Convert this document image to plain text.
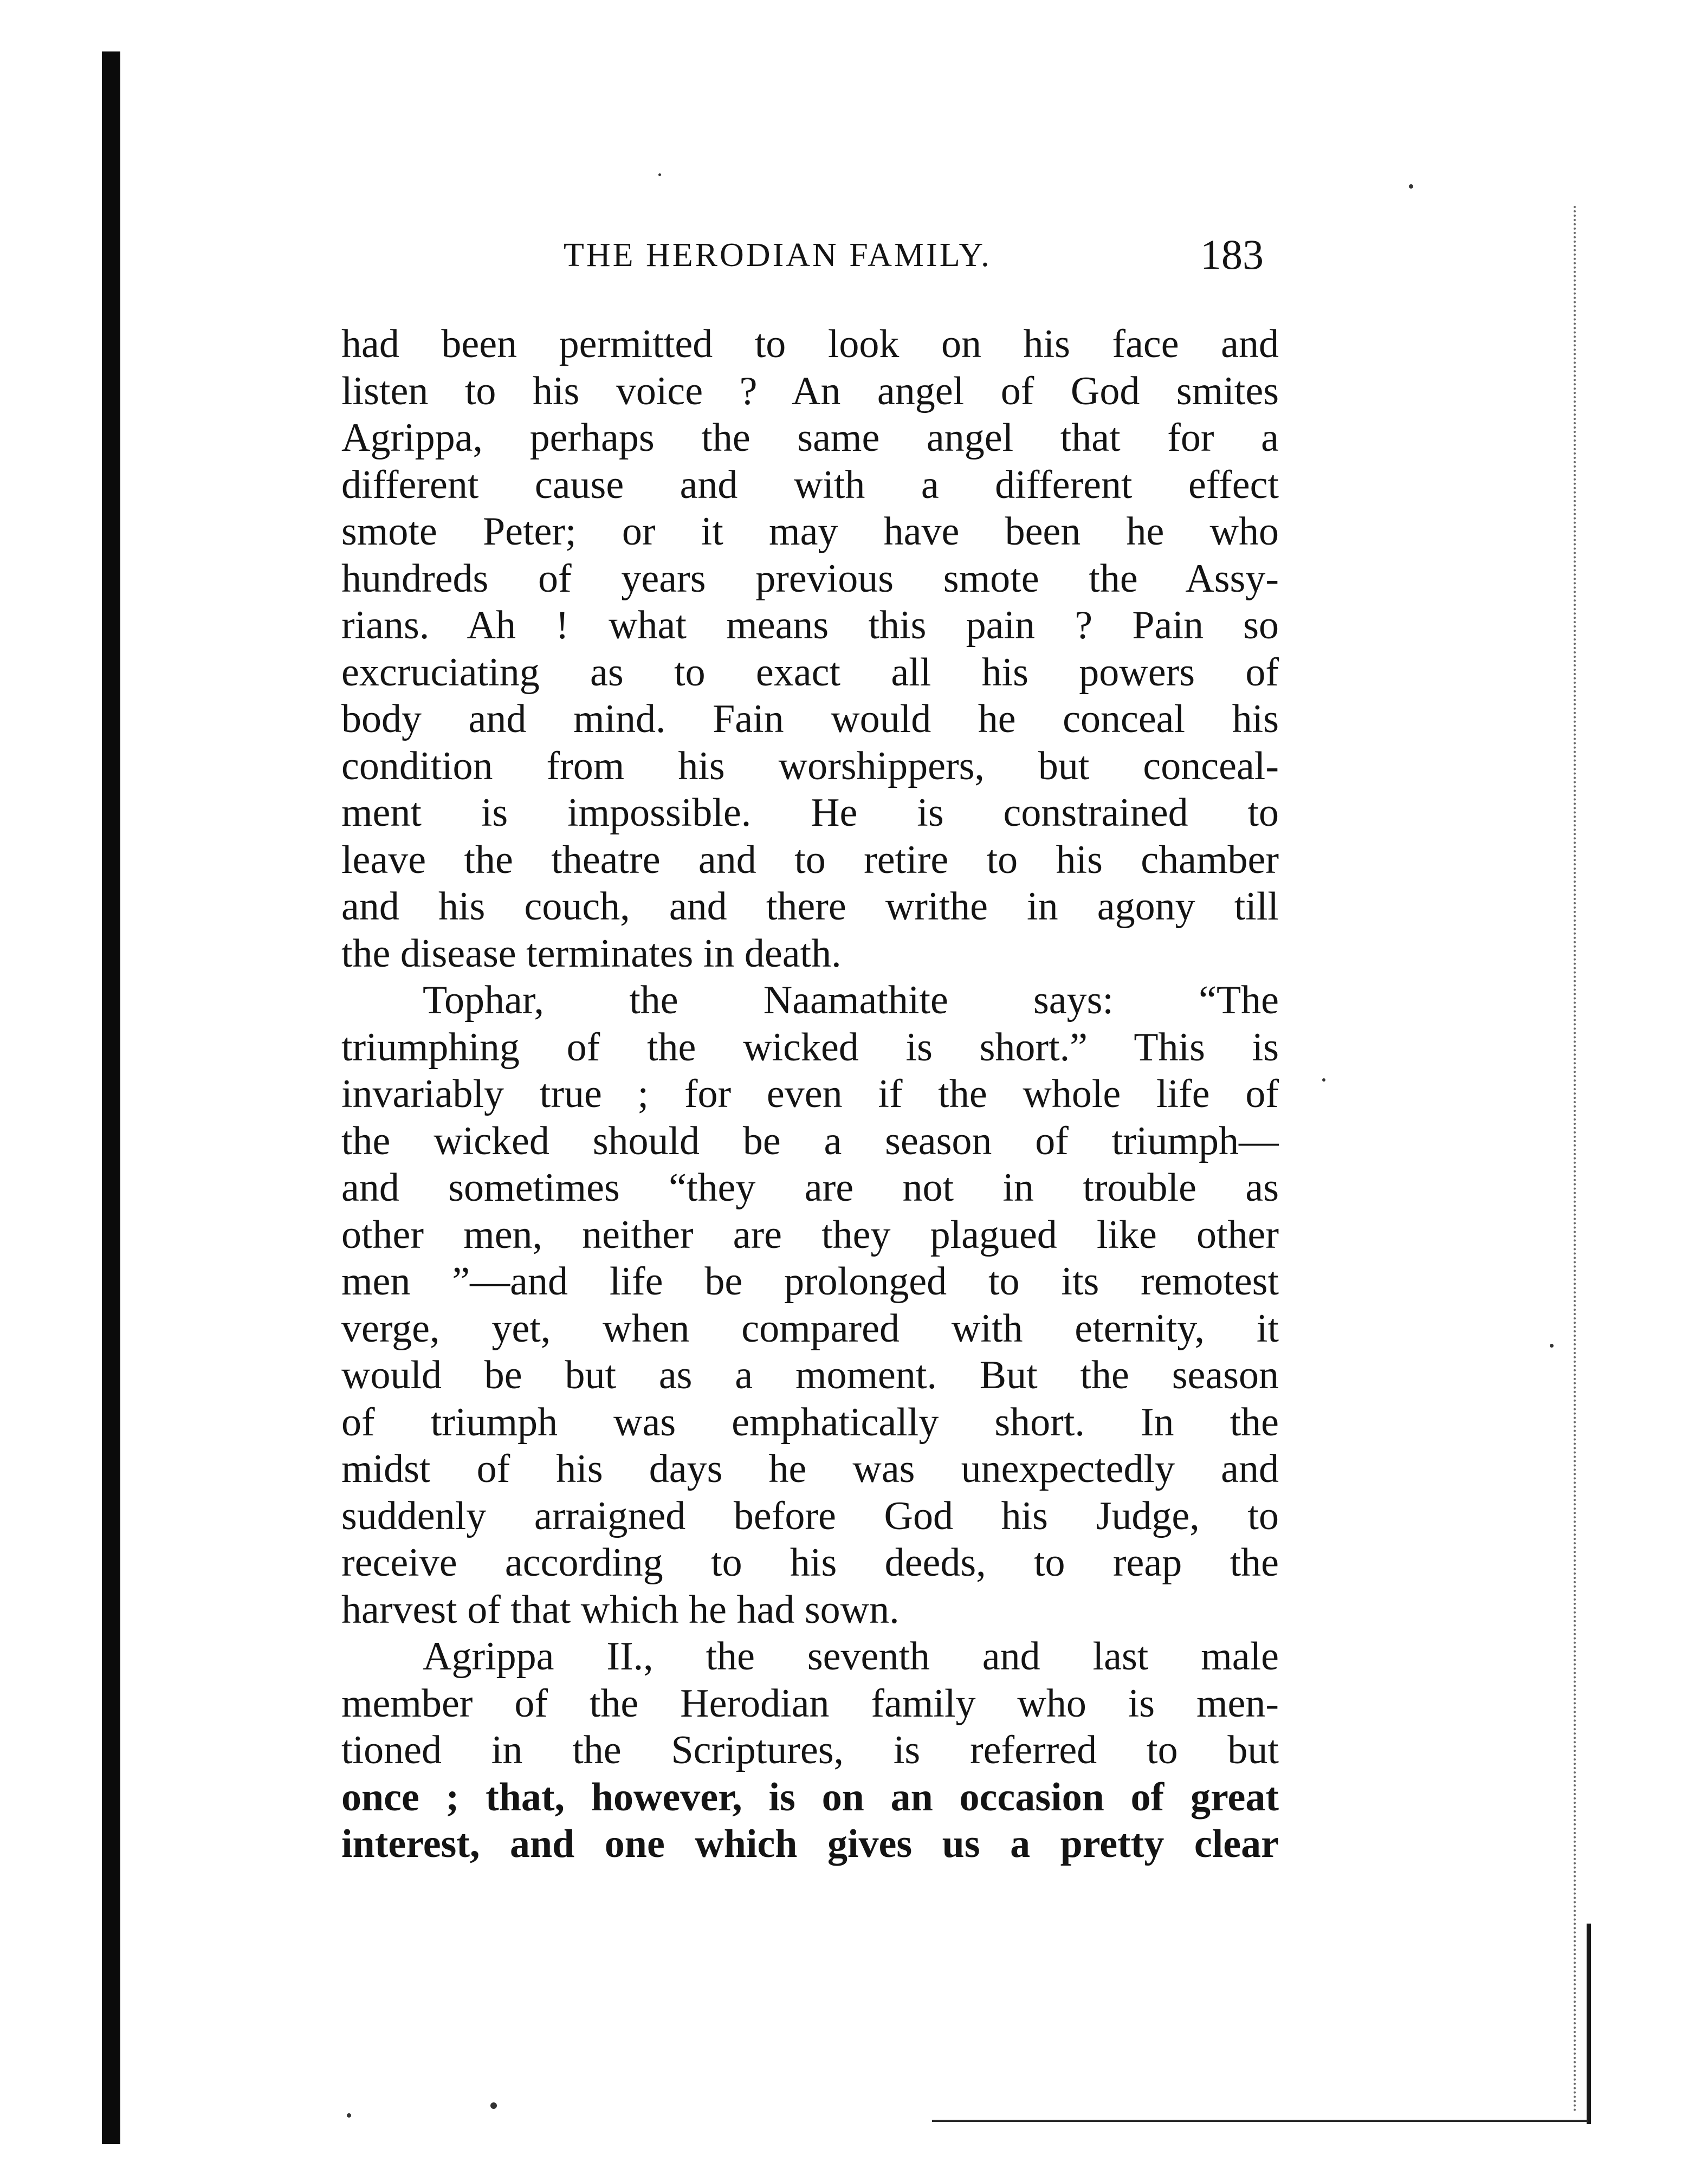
THE HERODIAN FAMILY.	183
had been permitted to look on his face and
listen to his voice ? An angel of God smites
Agrippa, perhaps the same angel that for a
different cause and with a different effect
smote Peter; or it may have been he who
hundreds of years previous smote the Assy-
rians. Ah ! what means this pain ? Pain so
excruciating as to exact all his powers of
body and mind. Fain would he conceal his
condition from his worshippers, but conceal-
ment is impossible. He is constrained to
leave the theatre and to retire to his chamber
and his couch, and there writhe in agony till
the disease terminates in death.
Tophar, the Naamathite says: “The
triumphing of the wicked is short.” This is
invariably true ; for even if the whole life of
the wicked should be a season of triumph—
and sometimes “they are not in trouble as
other men, neither are they plagued like other
men ”—and life be prolonged to its remotest
verge, yet, when compared with eternity, it
would be but as a moment. But the season
of triumph was emphatically short. In the
midst of his days he was unexpectedly and
suddenly arraigned before God his Judge, to
receive according to his deeds, to reap the
harvest of that which he had sown.
Agrippa II., the seventh and last male
member of the Herodian family who is men-
tioned in the Scriptures, is referred to but
once ; that, however, is on an occasion of great
interest, and one which gives us a pretty clear
